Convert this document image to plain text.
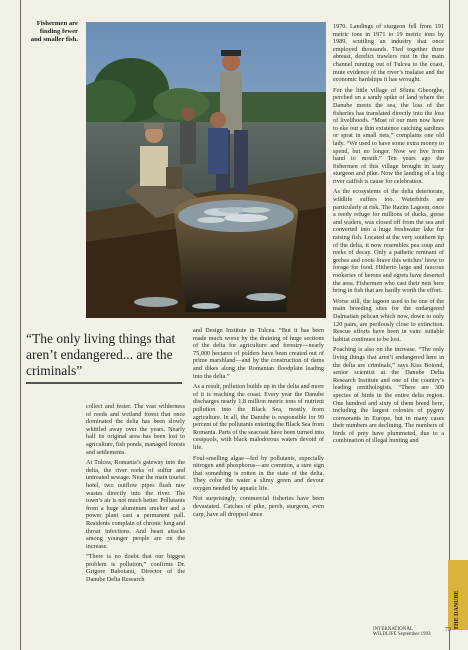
Fishermen are finding fewer and smaller fish.
“The only living things that aren’t endangered... are the criminals”

collect and fester. The vast wilderness of reeds and wetland forest that once dominated the delta has been slowly whittled away over the years. Nearly half its original area has been lost to agriculture, fish ponds, managed forests and settlements.

At Tulcea, Romania’s gateway into the delta, the river reeks of sulfur and untreated sewage. Near the main tourist hotel, two outflow pipes flush raw wastes directly into the river. The town’s air is not much better. Pollutants from a huge aluminum smelter and a power plant cast a permanent pall. Residents complain of chronic lung and throat infections. And heart attacks among younger people are on the increase.

“There is no doubt that our biggest problem is pollution,” confirms Dr. Grigore Baboianu, Director of the Danube Delta Research

and Design Institute in Tulcea. “But it has been made much worse by the draining of huge sections of the delta for agriculture and forestry—nearly 75,000 hectares of polders have been created out of prime marshland—and by the construction of dams and dikes along the Romanian floodplain leading into the delta.”

As a result, pollution builds up in the delta and more of it is reaching the coast. Every year the Danube discharges nearly 1.8 million metric tons of nutrient pollution into the Black Sea, mostly from agriculture. In all, the Danube is responsible for 99 percent of the pollutants entering the Black Sea from Romania. Parts of the seacoast have been turned into cesspools, with black malodorous waters devoid of life.

Foul-smelling algae—fed by pollutants, especially nitrogen and phosphorus—are common, a sure sign that something is rotten in the state of the delta. They color the water a slimy green and devour oxygen needed by aquatic life.

Not surprisingly, commercial fisheries have been devastated. Catches of pike, perch, sturgeon, even carp, have all dropped since

1970. Landings of sturgeon fell from 191 metric tons in 1971 to 19 metric tons by 1989, scuttling an industry that once employed thousands. Tied together three abreast, derelict trawlers rust in the main channel running out of Tulcea to the coast, mute evidence of the river’s malaise and the economic hardships it has wrought.

For the little village of Sfintu Gheorghe, perched on a sandy spike of land where the Danube meets the sea, the loss of the fisheries has translated directly into the loss of livelihoods. “Most of our men now have to eke out a thin existence catching sardines or sprat in small nets,” complains one old lady. “We used to have some extra money to spend, but no longer. Now we live from hand to mouth.” Ten years ago the fishermen of this village brought in tasty sturgeon and pike. Now the landing of a big river catfish is cause for celebration.

As the ecosystems of the delta deteriorate, wildlife suffers too. Waterbirds are particularly at risk. The Razim Lagoon, once a reedy refuge for millions of ducks, geese and waders, was closed off from the sea and converted into a huge freshwater lake for raising fish. Located at the very southern tip of the delta, it now resembles pea soup and reeks of decay. Only a pathetic remnant of grebes and coots brave this witches’ brew to forage for food. Hitherto large and raucous rookeries of herons and egrets have deserted the area. Fishermen who cast their nets here bring in fish that are hardly worth the effort.

Worse still, the lagoon used to be one of the main breeding sites for the endangered Dalmatian pelican which now, down to only 120 pairs, are perilously close to extinction. Rescue efforts have been in vain: suitable habitat continues to be lost.

Poaching is also on the increase. “The only living things that aren’t endangered here in the delta are criminals,” says Kiss Botond, senior scientist at the Danube Delta Research Institute and one of the country’s leading ornithologists. “There are 300 species of birds in the entire delta region. One hundred and sixty of them breed here, including the largest colonies of pygmy cormorants in Europe, but in many cases their numbers are declining. The numbers of birds of prey have plummeted, due to a combination of illegal hunting and

THE DANUBE
INTERNATIONAL WILDLIFE September 1993
73
